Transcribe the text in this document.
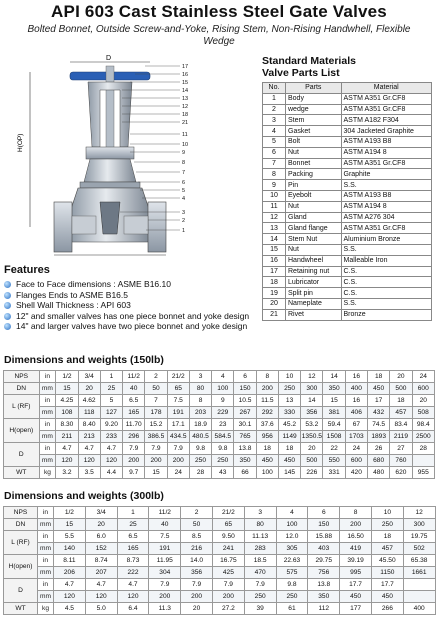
API 603 Cast Stainless Steel Gate Valves
Bolted Bonnet, Outside Screw-and-Yoke, Rising Stem, Non-Rising Handwhell, Flexible Wedge
D
H(OP)
17
16
15
14
13
12
18
21
11
10
9
8
7
6
5
4
3
2
1
Standard Materials
Valve Parts List
No.	Parts	Material
1	Body	ASTM A351 Gr.CF8
2	wedge	ASTM A351 Gr.CF8
3	Stem	ASTM A182 F304
4	Gasket	304 Jacketed Graphite
5	Bolt	ASTM A193 B8
6	Nut	ASTM A194 8
7	Bonnet	ASTM A351 Gr.CF8
8	Packing	Graphite
9	Pin	S.S.
10	Eyebolt	ASTM A193 B8
11	Nut	ASTM A194 8
12	Gland	ASTM A276 304
13	Gland flange	ASTM A351 Gr.CF8
14	Stem Nut	Aluminium Bronze
15	Nut	S.S.
16	Handwheel	Malleable Iron
17	Retaining nut	C.S.
18	Lubricator	C.S.
19	Split pin	C.S.
20	Nameplate	S.S.
21	Rivet	Bronze
Features
Face to Face dimensions : ASME B16.10
Flanges Ends to ASME B16.5
Shell Wall Thickness : API 603
12" and smaller valves has one piece bonnet and yoke design
14" and larger valves have two piece bonnet and yoke design
Dimensions and weights (150lb)
NPS	in	1/2	3/4	1	11/2	2	21/2	3	4	6	8	10	12	14	16	18	20	24
DN	mm	15	20	25	40	50	65	80	100	150	200	250	300	350	400	450	500	600
L (RF)	in	4.25	4.62	5	6.5	7	7.5	8	9	10.5	11.5	13	14	15	16	17	18	20
	mm	108	118	127	165	178	191	203	229	267	292	330	356	381	406	432	457	508
H(open)	in	8.30	8.40	9.20	11.70	15.2	17.1	18.9	23	30.1	37.6	45.2	53.2	59.4	67	74.5	83.4	98.4
	mm	211	213	233	296	386.5	434.5	480.5	584.5	765	956	1149	1350.5	1508	1703	1893	2119	2500
D	in	4.7	4.7	4.7	7.9	7.9	7.9	9.8	9.8	13.8	18	18	20	22	24	26	27	28
	mm	120	120	120	200	200	200	250	250	350	450	450	500	550	600	680	760	
WT	kg	3.2	3.5	4.4	9.7	15	24	28	43	66	100	145	226	331	420	480	620	955
Dimensions and weights (300lb)
NPS	in	1/2	3/4	1	11/2	2	21/2	3	4	6	8	10	12
DN	mm	15	20	25	40	50	65	80	100	150	200	250	300
L (RF)	in	5.5	6.0	6.5	7.5	8.5	9.50	11.13	12.0	15.88	16.50	18	19.75
	mm	140	152	165	191	216	241	283	305	403	419	457	502
H(open)	in	8.11	8.74	8.73	11.95	14.0	16.75	18.5	22.63	29.75	39.19	45.50	65.38
	mm	206	207	222	304	356	425	470	575	756	995	1150	1661
D	in	4.7	4.7	4.7	7.9	7.9	7.9	7.9	9.8	13.8	17.7	17.7	
	mm	120	120	120	200	200	200	250	250	350	450	450	
WT	kg	4.5	5.0	6.4	11.3	20	27.2	39	61	112	177	266	400
